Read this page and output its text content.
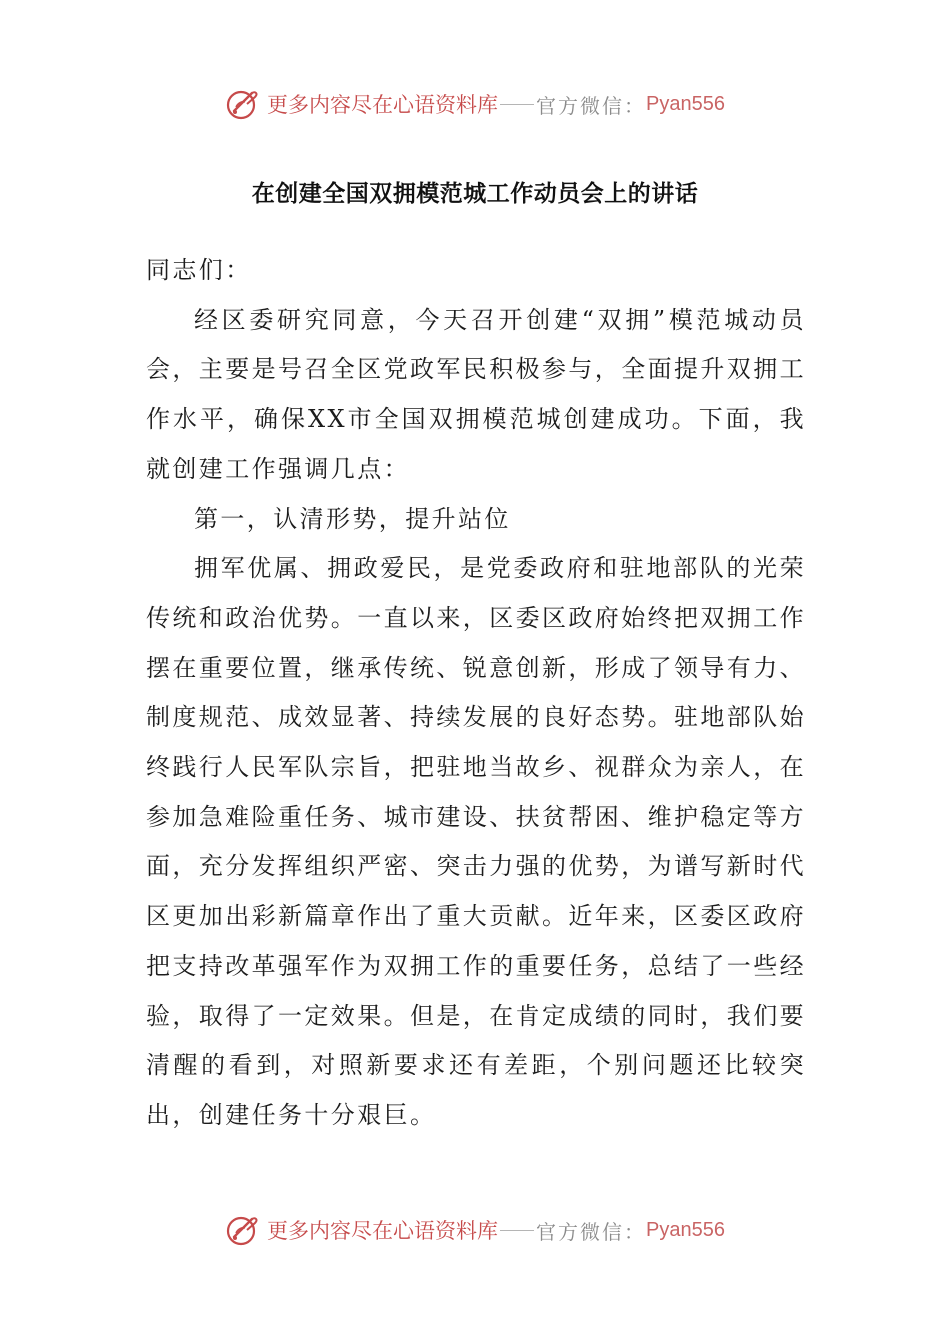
更多内容尽在心语资料库 官方微信： Pyan556
在创建全国双拥模范城工作动员会上的讲话

同志们：

经区委研究同意，今天召开创建“双拥”模范城动员会，主要是号召全区党政军民积极参与，全面提升双拥工作水平，确保XX市全国双拥模范城创建成功。下面，我就创建工作强调几点：

第一，认清形势，提升站位

拥军优属、拥政爱民，是党委政府和驻地部队的光荣传统和政治优势。一直以来，区委区政府始终把双拥工作摆在重要位置，继承传统、锐意创新，形成了领导有力、制度规范、成效显著、持续发展的良好态势。驻地部队始终践行人民军队宗旨，把驻地当故乡、视群众为亲人，在参加急难险重任务、城市建设、扶贫帮困、维护稳定等方面，充分发挥组织严密、突击力强的优势，为谱写新时代区更加出彩新篇章作出了重大贡献。近年来，区委区政府把支持改革强军作为双拥工作的重要任务，总结了一些经验，取得了一定效果。但是，在肯定成绩的同时，我们要清醒的看到，对照新要求还有差距，个别问题还比较突出，创建任务十分艰巨。

更多内容尽在心语资料库 官方微信： Pyan556
